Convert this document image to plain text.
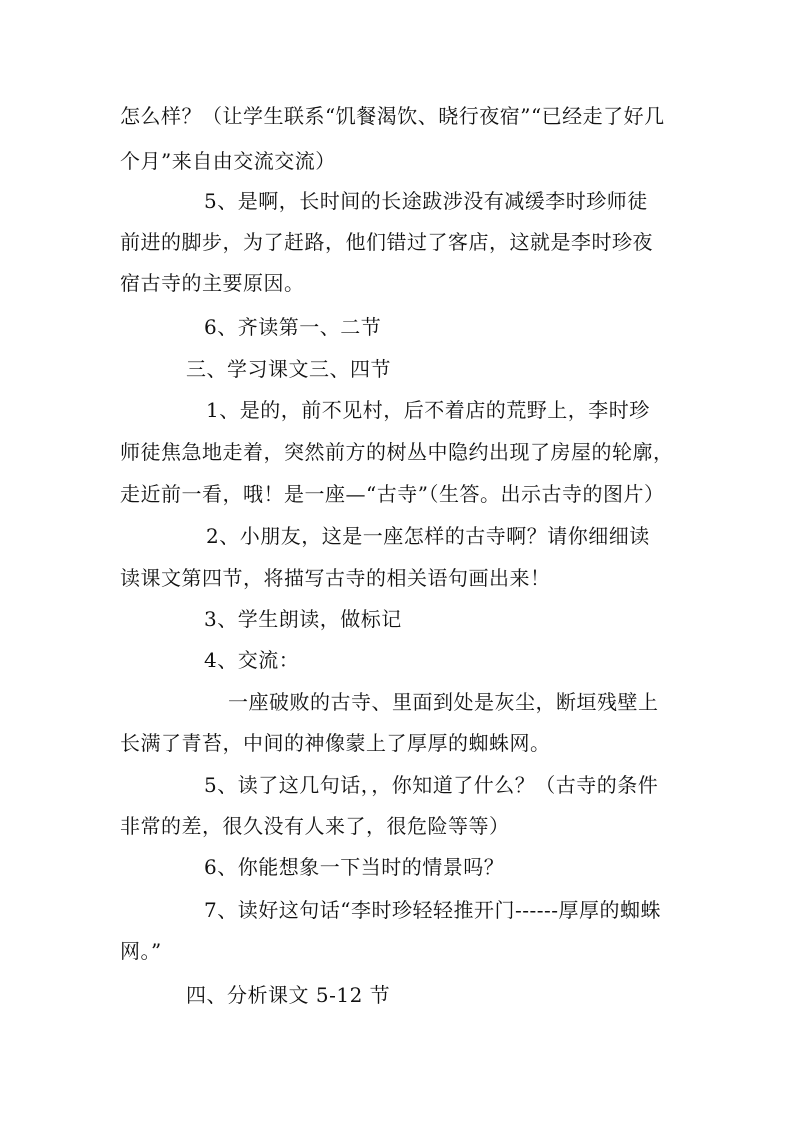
怎么样？（让学生联系“饥餐渴饮、晓行夜宿”“已经走了好几
个月”来自由交流交流）
5、是啊，长时间的长途跋涉没有减缓李时珍师徒
前进的脚步，为了赶路，他们错过了客店，这就是李时珍夜
宿古寺的主要原因。
6、齐读第一、二节
三、学习课文三、四节
1、是的，前不见村，后不着店的荒野上，李时珍
师徒焦急地走着，突然前方的树丛中隐约出现了房屋的轮廓，
走近前一看，哦！是一座—“古寺”（生答。出示古寺的图片）
2、小朋友，这是一座怎样的古寺啊？请你细细读
读课文第四节，将描写古寺的相关语句画出来！
3、学生朗读，做标记
4、交流：
一座破败的古寺、里面到处是灰尘，断垣残壁上
长满了青苔，中间的神像蒙上了厚厚的蜘蛛网。
5、读了这几句话，，你知道了什么？（古寺的条件
非常的差，很久没有人来了，很危险等等）
6、你能想象一下当时的情景吗？
7、读好这句话“李时珍轻轻推开门------厚厚的蜘蛛
网。”
四、分析课文 5-12 节
